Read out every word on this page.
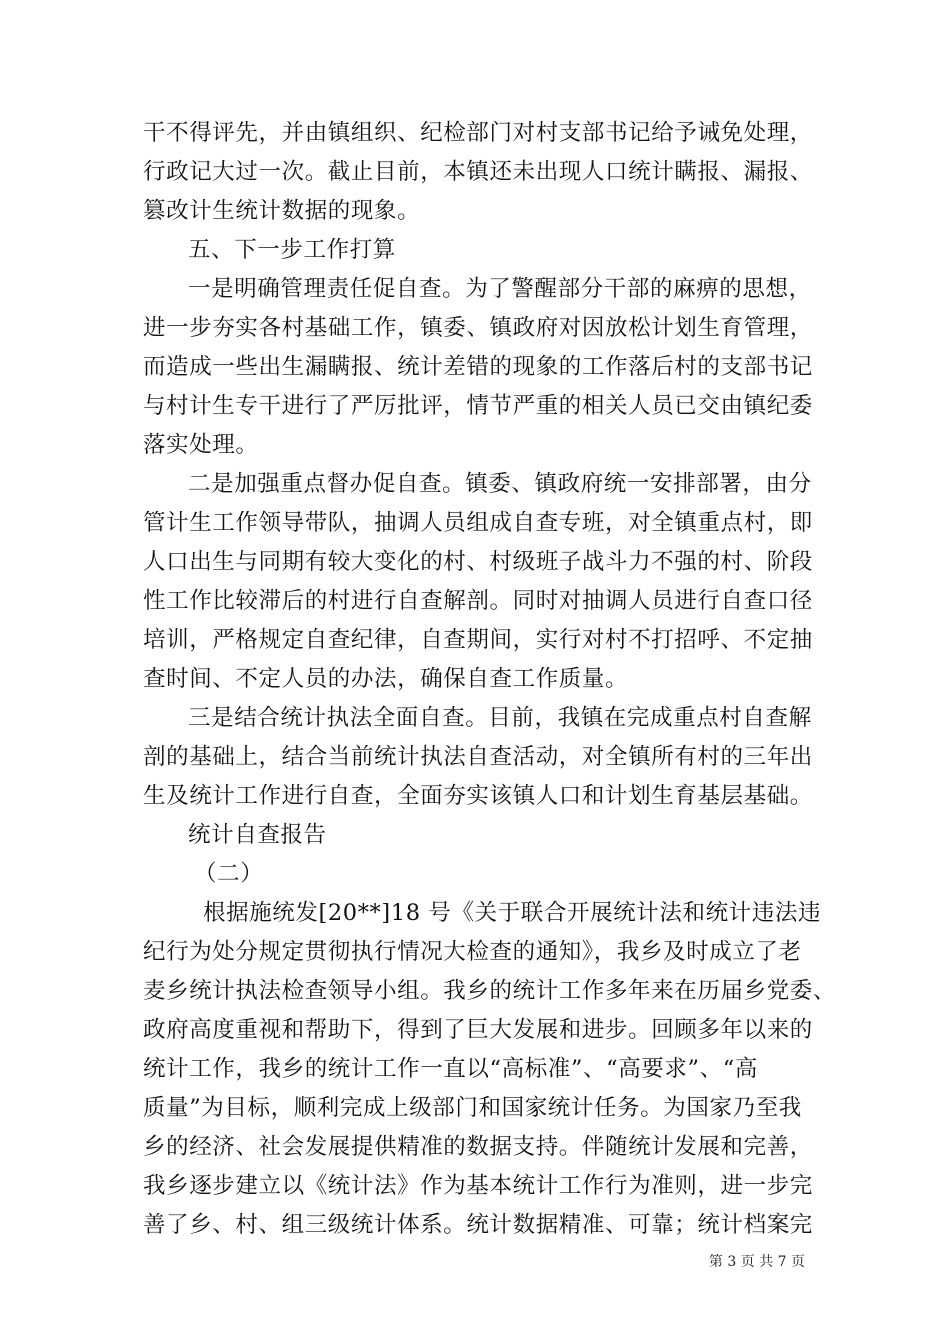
干不得评先，并由镇组织、纪检部门对村支部书记给予诫免处理，
行政记大过一次。截止目前，本镇还未出现人口统计瞒报、漏报、
篡改计生统计数据的现象。
五、下一步工作打算
一是明确管理责任促自查。为了警醒部分干部的麻痹的思想，
进一步夯实各村基础工作，镇委、镇政府对因放松计划生育管理，
而造成一些出生漏瞒报、统计差错的现象的工作落后村的支部书记
与村计生专干进行了严厉批评，情节严重的相关人员已交由镇纪委
落实处理。
二是加强重点督办促自查。镇委、镇政府统一安排部署，由分
管计生工作领导带队，抽调人员组成自查专班，对全镇重点村，即
人口出生与同期有较大变化的村、村级班子战斗力不强的村、阶段
性工作比较滞后的村进行自查解剖。同时对抽调人员进行自查口径
培训，严格规定自查纪律，自查期间，实行对村不打招呼、不定抽
查时间、不定人员的办法，确保自查工作质量。
三是结合统计执法全面自查。目前，我镇在完成重点村自查解
剖的基础上，结合当前统计执法自查活动，对全镇所有村的三年出
生及统计工作进行自查，全面夯实该镇人口和计划生育基层基础。
统计自查报告
（二）
根据施统发[20**]18 号《关于联合开展统计法和统计违法违
纪行为处分规定贯彻执行情况大检查的通知》，我乡及时成立了老
麦乡统计执法检查领导小组。我乡的统计工作多年来在历届乡党委、
政府高度重视和帮助下，得到了巨大发展和进步。回顾多年以来的
统计工作，我乡的统计工作一直以“高标准”、“高要求”、“高
质量”为目标，顺利完成上级部门和国家统计任务。为国家乃至我
乡的经济、社会发展提供精准的数据支持。伴随统计发展和完善，
我乡逐步建立以《统计法》作为基本统计工作行为准则，进一步完
善了乡、村、组三级统计体系。统计数据精准、可靠；统计档案完
第 3 页 共 7 页
